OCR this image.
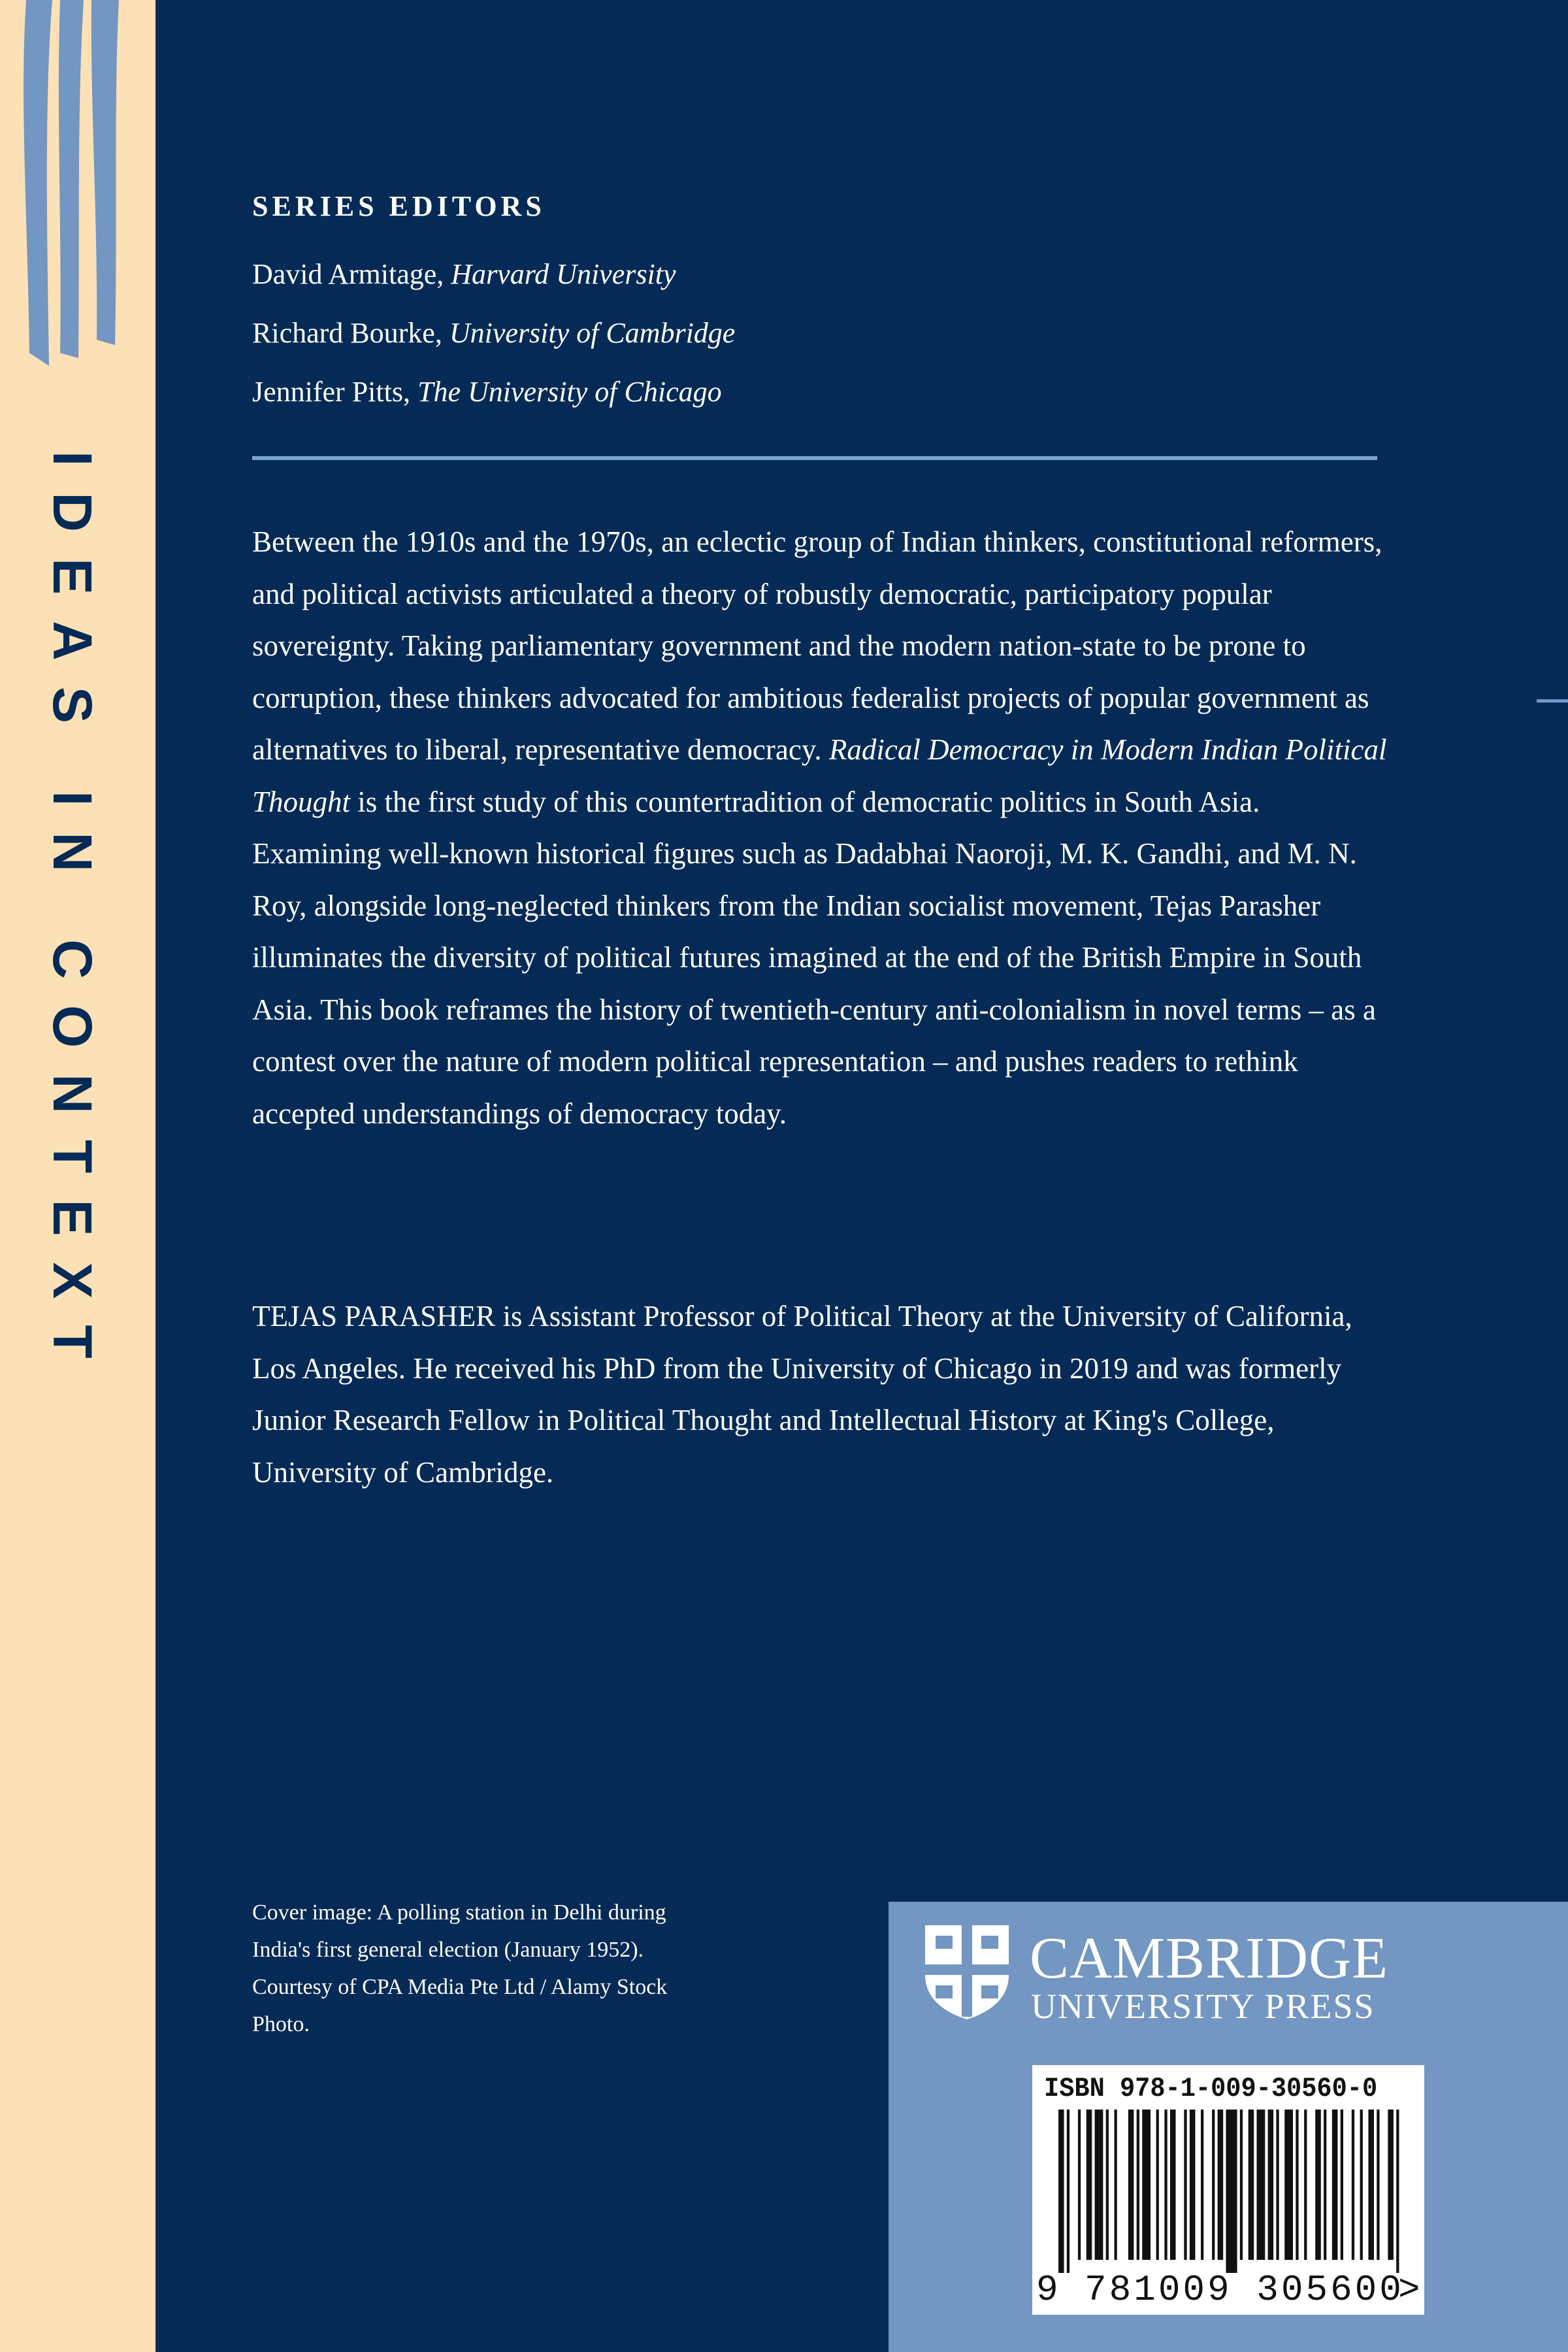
IDEAS IN CONTEXT
SERIES EDITORS
David Armitage, Harvard University
Richard Bourke, University of Cambridge
Jennifer Pitts, The University of Chicago
Between the 1910s and the 1970s, an eclectic group of Indian thinkers, constitutional reformers, and political activists articulated a theory of robustly democratic, participatory popular sovereignty. Taking parliamentary government and the modern nation-state to be prone to corruption, these thinkers advocated for ambitious federalist projects of popular government as alternatives to liberal, representative democracy. Radical Democracy in Modern Indian Political Thought is the first study of this countertradition of democratic politics in South Asia. Examining well-known historical figures such as Dadabhai Naoroji, M. K. Gandhi, and M. N. Roy, alongside long-neglected thinkers from the Indian socialist movement, Tejas Parasher illuminates the diversity of political futures imagined at the end of the British Empire in South Asia. This book reframes the history of twentieth-century anti-colonialism in novel terms – as a contest over the nature of modern political representation – and pushes readers to rethink accepted understandings of democracy today.
TEJAS PARASHER is Assistant Professor of Political Theory at the University of California, Los Angeles. He received his PhD from the University of Chicago in 2019 and was formerly Junior Research Fellow in Political Thought and Intellectual History at King's College, University of Cambridge.
Cover image: A polling station in Delhi during India's first general election (January 1952). Courtesy of CPA Media Pte Ltd / Alamy Stock Photo.
CAMBRIDGE
UNIVERSITY PRESS
ISBN 978-1-009-30560-0
9 781009 305600
>
